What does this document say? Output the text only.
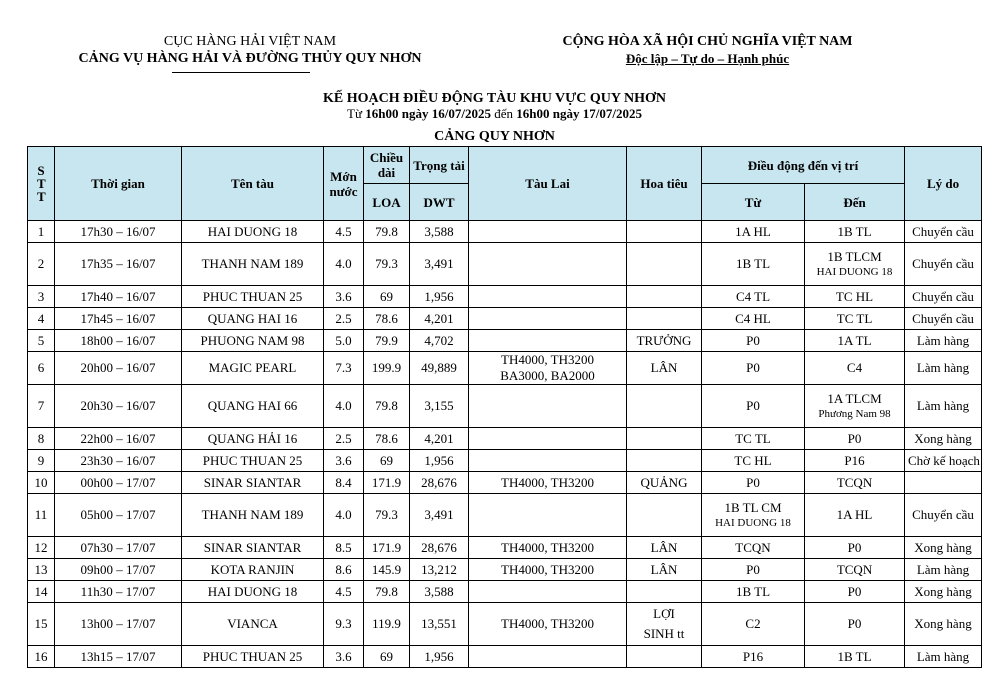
CỤC HÀNG HẢI VIỆT NAM
CẢNG VỤ HÀNG HẢI VÀ ĐƯỜNG THỦY QUY NHƠN
CỘNG HÒA XÃ HỘI CHỦ NGHĨA VIỆT NAM
Độc lập – Tự do – Hạnh phúc
KẾ HOẠCH ĐIỀU ĐỘNG TÀU KHU VỰC QUY NHƠN
Từ 16h00 ngày 16/07/2025 đến 16h00 ngày 17/07/2025
CẢNG QUY NHƠN
S T T	Thời gian	Tên tàu	Mớn nước	Chiều dài	Trọng tải	Tàu Lai	Hoa tiêu	Điều động đến vị trí		Lý do
				LOA	DWT			Từ	Đến	
1	17h30 – 16/07	HAI DUONG 18	4.5	79.8	3,588			1A HL	1B TL	Chuyển cầu
2	17h35 – 16/07	THANH NAM 189	4.0	79.3	3,491			1B TL	1B TLCM
HAI DUONG 18	Chuyển cầu
3	17h40 – 16/07	PHUC THUAN 25	3.6	69	1,956			C4 TL	TC HL	Chuyển cầu
4	17h45 – 16/07	QUANG HAI 16	2.5	78.6	4,201			C4 HL	TC TL	Chuyển cầu
5	18h00 – 16/07	PHUONG NAM 98	5.0	79.9	4,702		TRƯỞNG	P0	1A TL	Làm hàng
6	20h00 – 16/07	MAGIC PEARL	7.3	199.9	49,889	TH4000, TH3200
BA3000, BA2000	LÂN	P0	C4	Làm hàng
7	20h30 – 16/07	QUANG HAI 66	4.0	79.8	3,155			P0	1A TLCM
Phương Nam 98	Làm hàng
8	22h00 – 16/07	QUANG HẢI 16	2.5	78.6	4,201			TC TL	P0	Xong hàng
9	23h30 – 16/07	PHUC THUAN 25	3.6	69	1,956			TC HL	P16	Chờ kế hoạch
10	00h00 – 17/07	SINAR SIANTAR	8.4	171.9	28,676	TH4000, TH3200	QUẢNG	P0	TCQN	
11	05h00 – 17/07	THANH NAM 189	4.0	79.3	3,491			1B TL CM
HAI DUONG 18	1A HL	Chuyển cầu
12	07h30 – 17/07	SINAR SIANTAR	8.5	171.9	28,676	TH4000, TH3200	LÂN	TCQN	P0	Xong hàng
13	09h00 – 17/07	KOTA RANJIN	8.6	145.9	13,212	TH4000, TH3200	LÂN	P0	TCQN	Làm hàng
14	11h30 – 17/07	HAI DUONG 18	4.5	79.8	3,588			1B TL	P0	Xong hàng
15	13h00 – 17/07	VIANCA	9.3	119.9	13,551	TH4000, TH3200	LỢI
SINH tt	C2	P0	Xong hàng
16	13h15 – 17/07	PHUC THUAN 25	3.6	69	1,956			P16	1B TL	Làm hàng
